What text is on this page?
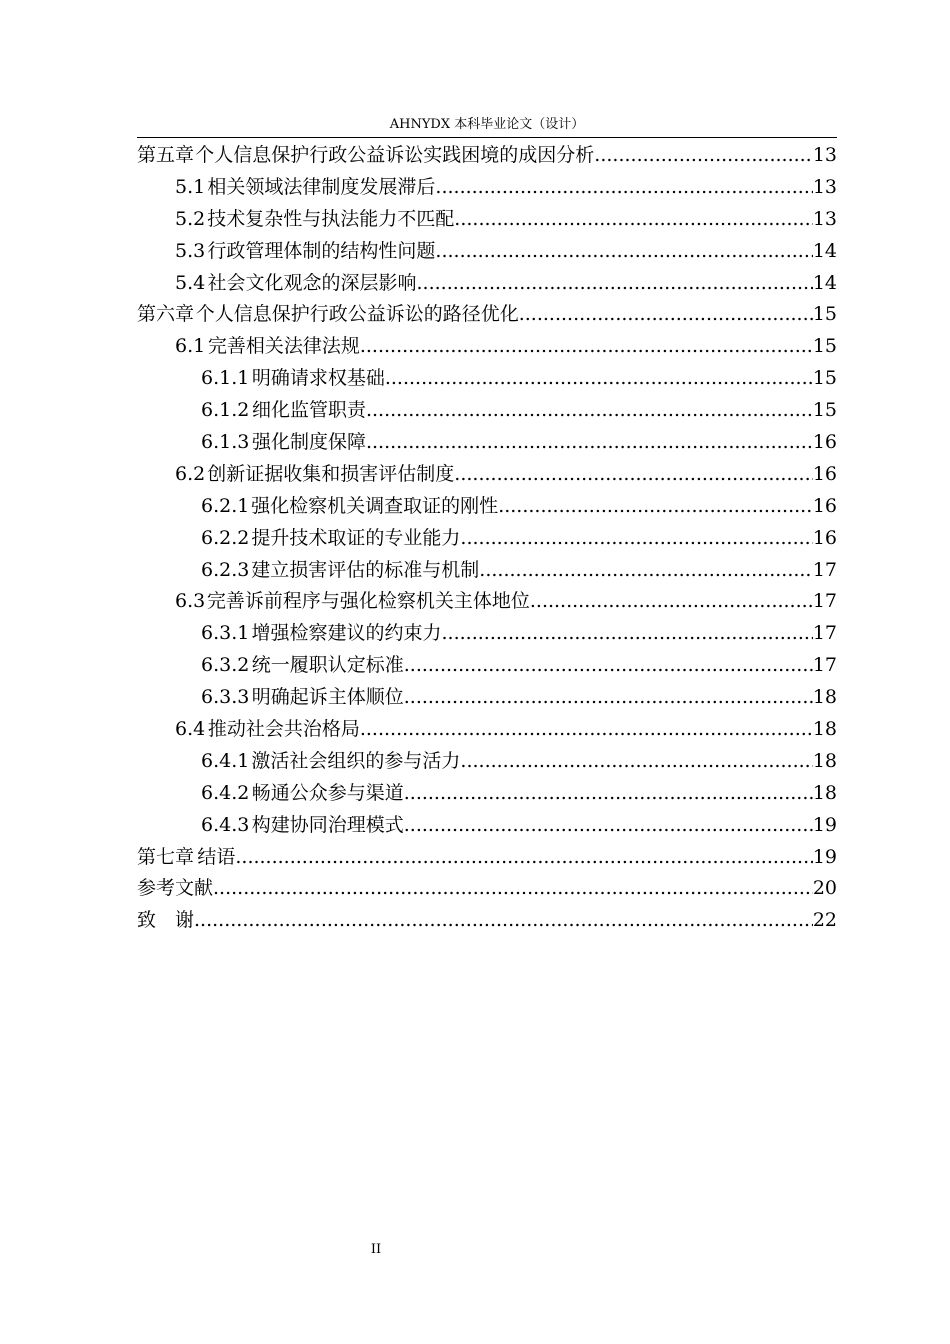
AHNYDX 本科毕业论文（设计）
第五章 个人信息保护行政公益诉讼实践困境的成因分析 .....	13
5.1 相关领域法律制度发展滞后 .....	13
5.2 技术复杂性与执法能力不匹配 .....	13
5.3 行政管理体制的结构性问题 .....	14
5.4 社会文化观念的深层影响 .....	14
第六章 个人信息保护行政公益诉讼的路径优化 .....	15
6.1 完善相关法律法规 .....	15
6.1.1 明确请求权基础 .....	15
6.1.2 细化监管职责 .....	15
6.1.3 强化制度保障 .....	16
6.2 创新证据收集和损害评估制度 .....	16
6.2.1 强化检察机关调查取证的刚性 .....	16
6.2.2 提升技术取证的专业能力 .....	16
6.2.3 建立损害评估的标准与机制 .....	17
6.3 完善诉前程序与强化检察机关主体地位 .....	17
6.3.1 增强检察建议的约束力 .....	17
6.3.2 统一履职认定标准 .....	17
6.3.3 明确起诉主体顺位 .....	18
6.4 推动社会共治格局 .....	18
6.4.1 激活社会组织的参与活力 .....	18
6.4.2 畅通公众参与渠道 .....	18
6.4.3 构建协同治理模式 .....	19
第七章 结语 .....	19
参考文献 .....	20
致　谢 .....	22
II
